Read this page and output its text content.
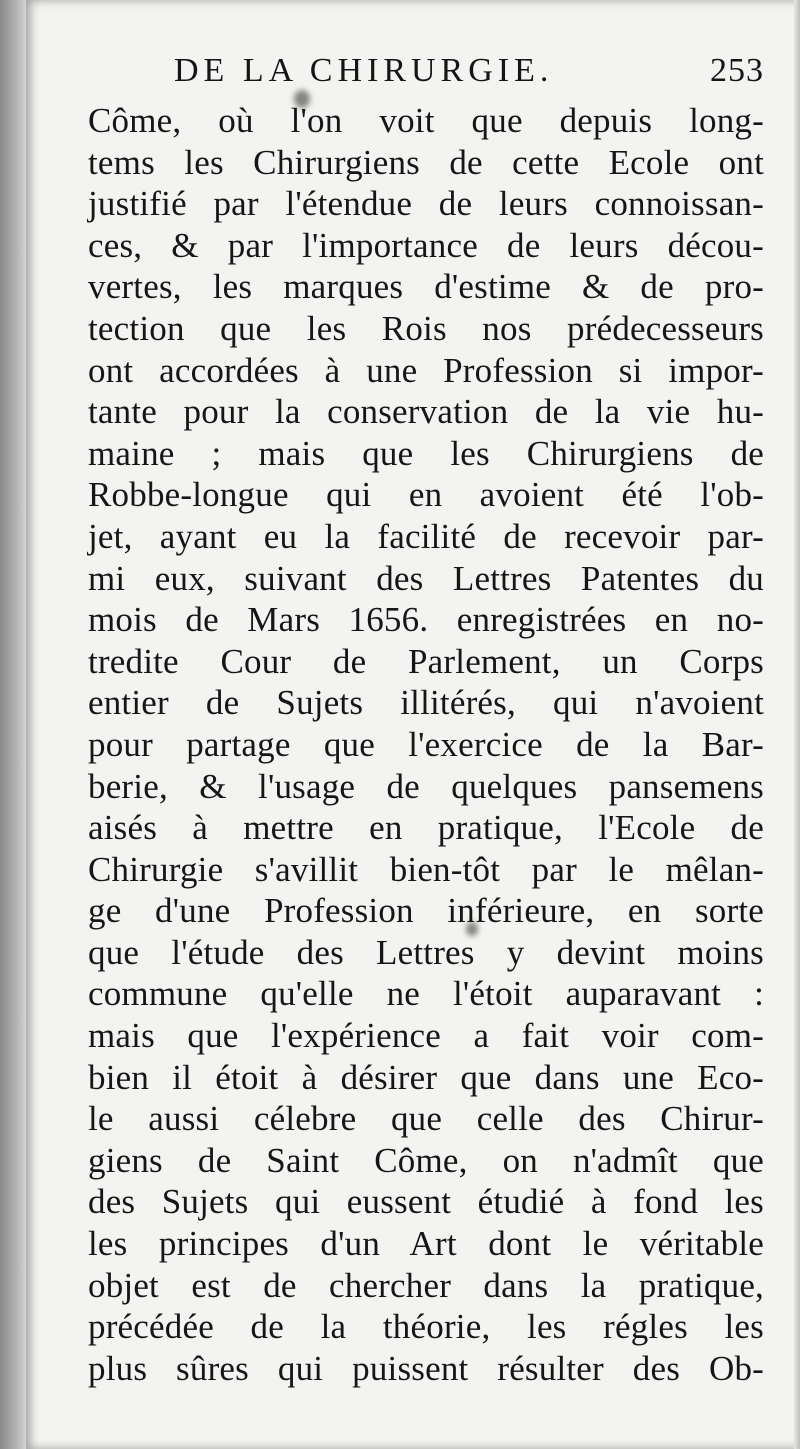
DE LA CHIRURGIE.	253
Côme, où l'on voit que depuis long-
tems les Chirurgiens de cette Ecole ont
justifié par l'étendue de leurs connoissan-
ces, & par l'importance de leurs décou-
vertes, les marques d'estime & de pro-
tection que les Rois nos prédecesseurs
ont accordées à une Profession si impor-
tante pour la conservation de la vie hu-
maine ; mais que les Chirurgiens de
Robbe-longue qui en avoient été l'ob-
jet, ayant eu la facilité de recevoir par-
mi eux, suivant des Lettres Patentes du
mois de Mars 1656. enregistrées en no-
tredite Cour de Parlement, un Corps
entier de Sujets illitérés, qui n'avoient
pour partage que l'exercice de la Bar-
berie, & l'usage de quelques pansemens
aisés à mettre en pratique, l'Ecole de
Chirurgie s'avillit bien-tôt par le mêlan-
ge d'une Profession inférieure, en sorte
que l'étude des Lettres y devint moins
commune qu'elle ne l'étoit auparavant :
mais que l'expérience a fait voir com-
bien il étoit à désirer que dans une Eco-
le aussi célebre que celle des Chirur-
giens de Saint Côme, on n'admît que
des Sujets qui eussent étudié à fond les
les principes d'un Art dont le véritable
objet est de chercher dans la pratique,
précédée de la théorie, les régles les
plus sûres qui puissent résulter des Ob-
